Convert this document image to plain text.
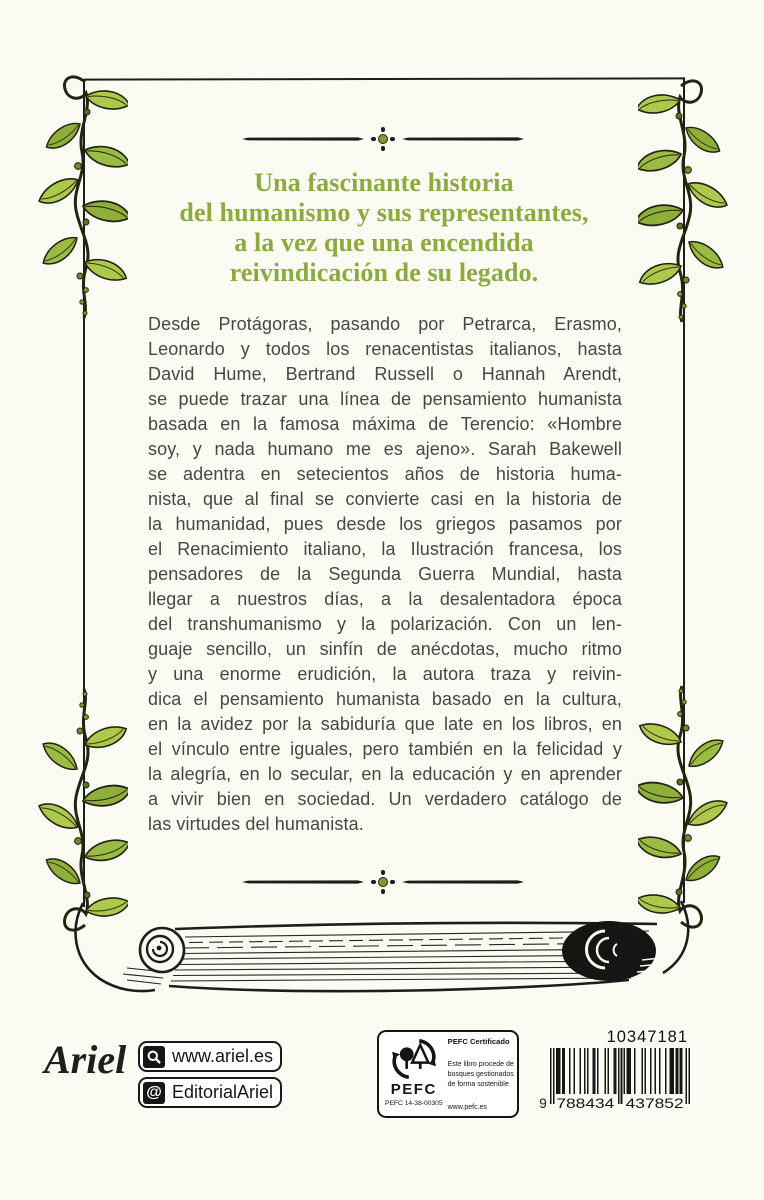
Una fascinante historia
del humanismo y sus representantes,
a la vez que una encendida
reivindicación de su legado.
Desde Protágoras, pasando por Petrarca, Erasmo,
Leonardo y todos los renacentistas italianos, hasta
David Hume, Bertrand Russell o Hannah Arendt,
se puede trazar una línea de pensamiento humanista
basada en la famosa máxima de Terencio: «Hombre
soy, y nada humano me es ajeno». Sarah Bakewell
se adentra en setecientos años de historia huma-
nista, que al final se convierte casi en la historia de
la humanidad, pues desde los griegos pasamos por
el Renacimiento italiano, la Ilustración francesa, los
pensadores de la Segunda Guerra Mundial, hasta
llegar a nuestros días, a la desalentadora época
del transhumanismo y la polarización. Con un len-
guaje sencillo, un sinfín de anécdotas, mucho ritmo
y una enorme erudición, la autora traza y reivin-
dica el pensamiento humanista basado en la cultura,
en la avidez por la sabiduría que late en los libros, en
el vínculo entre iguales, pero también en la felicidad y
la alegría, en lo secular, en la educación y en aprender
a vivir bien en sociedad. Un verdadero catálogo de
las virtudes del humanista.
Ariel	www.ariel.es
@ EditorialAriel	PEFC
PEFC 14-38-00305
PEFC Certificado
Este libro procede de bosques gestionados de forma sostenible
www.pefc.es
10347181
9 788434 437852
